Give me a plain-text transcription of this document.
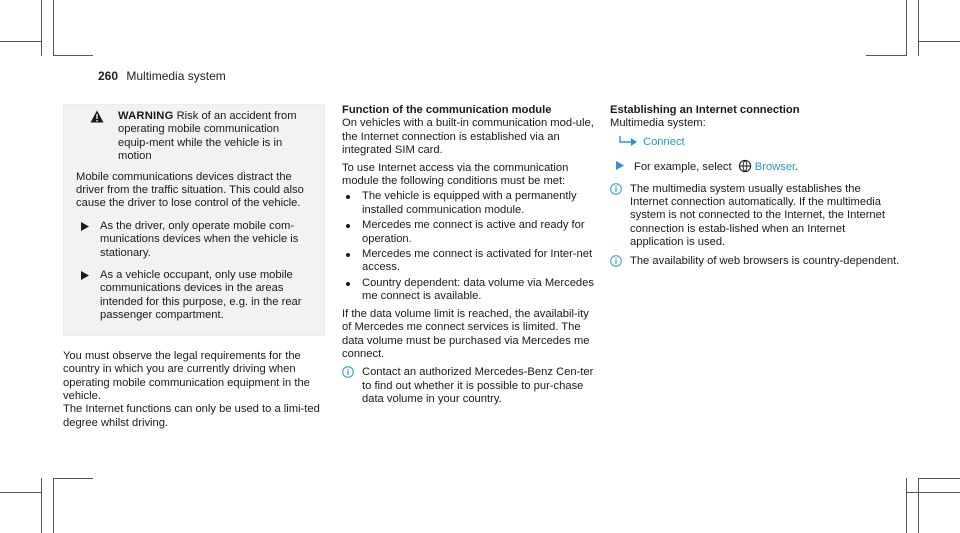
260 Multimedia system
WARNING Risk of an accident from operating mobile communication equip-ment while the vehicle is in motion
Mobile communications devices distract the driver from the traffic situation. This could also cause the driver to lose control of the vehicle.
As the driver, only operate mobile com-munications devices when the vehicle is stationary.
As a vehicle occupant, only use mobile communications devices in the areas intended for this purpose, e.g. in the rear passenger compartment.
You must observe the legal requirements for the country in which you are currently driving when operating mobile communication equipment in the vehicle.
The Internet functions can only be used to a limi-ted degree whilst driving.
Function of the communication module
On vehicles with a built-in communication mod-ule, the Internet connection is established via an integrated SIM card.
To use Internet access via the communication module the following conditions must be met:
The vehicle is equipped with a permanently installed communication module.
Mercedes me connect is active and ready for operation.
Mercedes me connect is activated for Inter-net access.
Country dependent: data volume via Mercedes me connect is available.
If the data volume limit is reached, the availabil-ity of Mercedes me connect services is limited. The data volume must be purchased via Mercedes me connect.
Contact an authorized Mercedes-Benz Cen-ter to find out whether it is possible to pur-chase data volume in your country.
Establishing an Internet connection
Multimedia system:
Connect
For example, select Browser.
The multimedia system usually establishes the Internet connection automatically. If the multimedia system is not connected to the Internet, the Internet connection is estab-lished when an Internet application is used.
The availability of web browsers is country-dependent.
